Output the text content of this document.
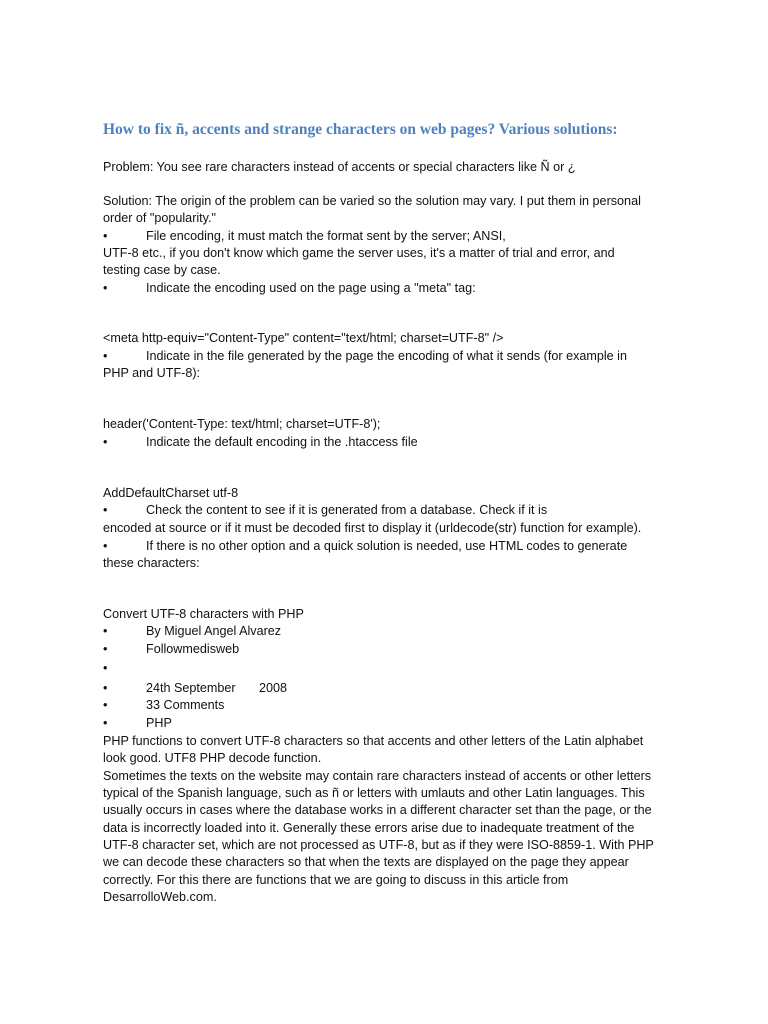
How to fix ñ, accents and strange characters on web pages? Various solutions:

Problem: You see rare characters instead of accents or special characters like Ñ or ¿

Solution: The origin of the problem can be varied so the solution may vary. I put them in personal

order of "popularity."

•	File encoding, it must match the format sent by the server; ANSI,

UTF-8 etc., if you don't know which game the server uses, it's a matter of trial and error, and

testing case by case.

•	Indicate the encoding used on the page using a "meta" tag:

<meta http-equiv="Content-Type" content="text/html; charset=UTF-8" />

•	Indicate in the file generated by the page the encoding of what it sends (for example in

PHP and UTF-8):

header('Content-Type: text/html; charset=UTF-8');

•	Indicate the default encoding in the .htaccess file

AddDefaultCharset utf-8

•	Check the content to see if it is generated from a database. Check if it is

encoded at source or if it must be decoded first to display it (urldecode(str) function for example).

•	If there is no other option and a quick solution is needed, use HTML codes to generate

these characters:

Convert UTF-8 characters with PHP

•	By Miguel Angel Alvarez
•	Followmedisweb
•
•	24th September 2008
•	33 Comments
•	PHP

PHP functions to convert UTF-8 characters so that accents and other letters of the Latin alphabet

look good. UTF8 PHP decode function.

Sometimes the texts on the website may contain rare characters instead of accents or other letters

typical of the Spanish language, such as ñ or letters with umlauts and other Latin languages. This

usually occurs in cases where the database works in a different character set than the page, or the

data is incorrectly loaded into it. Generally these errors arise due to inadequate treatment of the

UTF-8 character set, which are not processed as UTF-8, but as if they were ISO-8859-1. With PHP

we can decode these characters so that when the texts are displayed on the page they appear

correctly. For this there are functions that we are going to discuss in this article from

DesarrolloWeb.com.
